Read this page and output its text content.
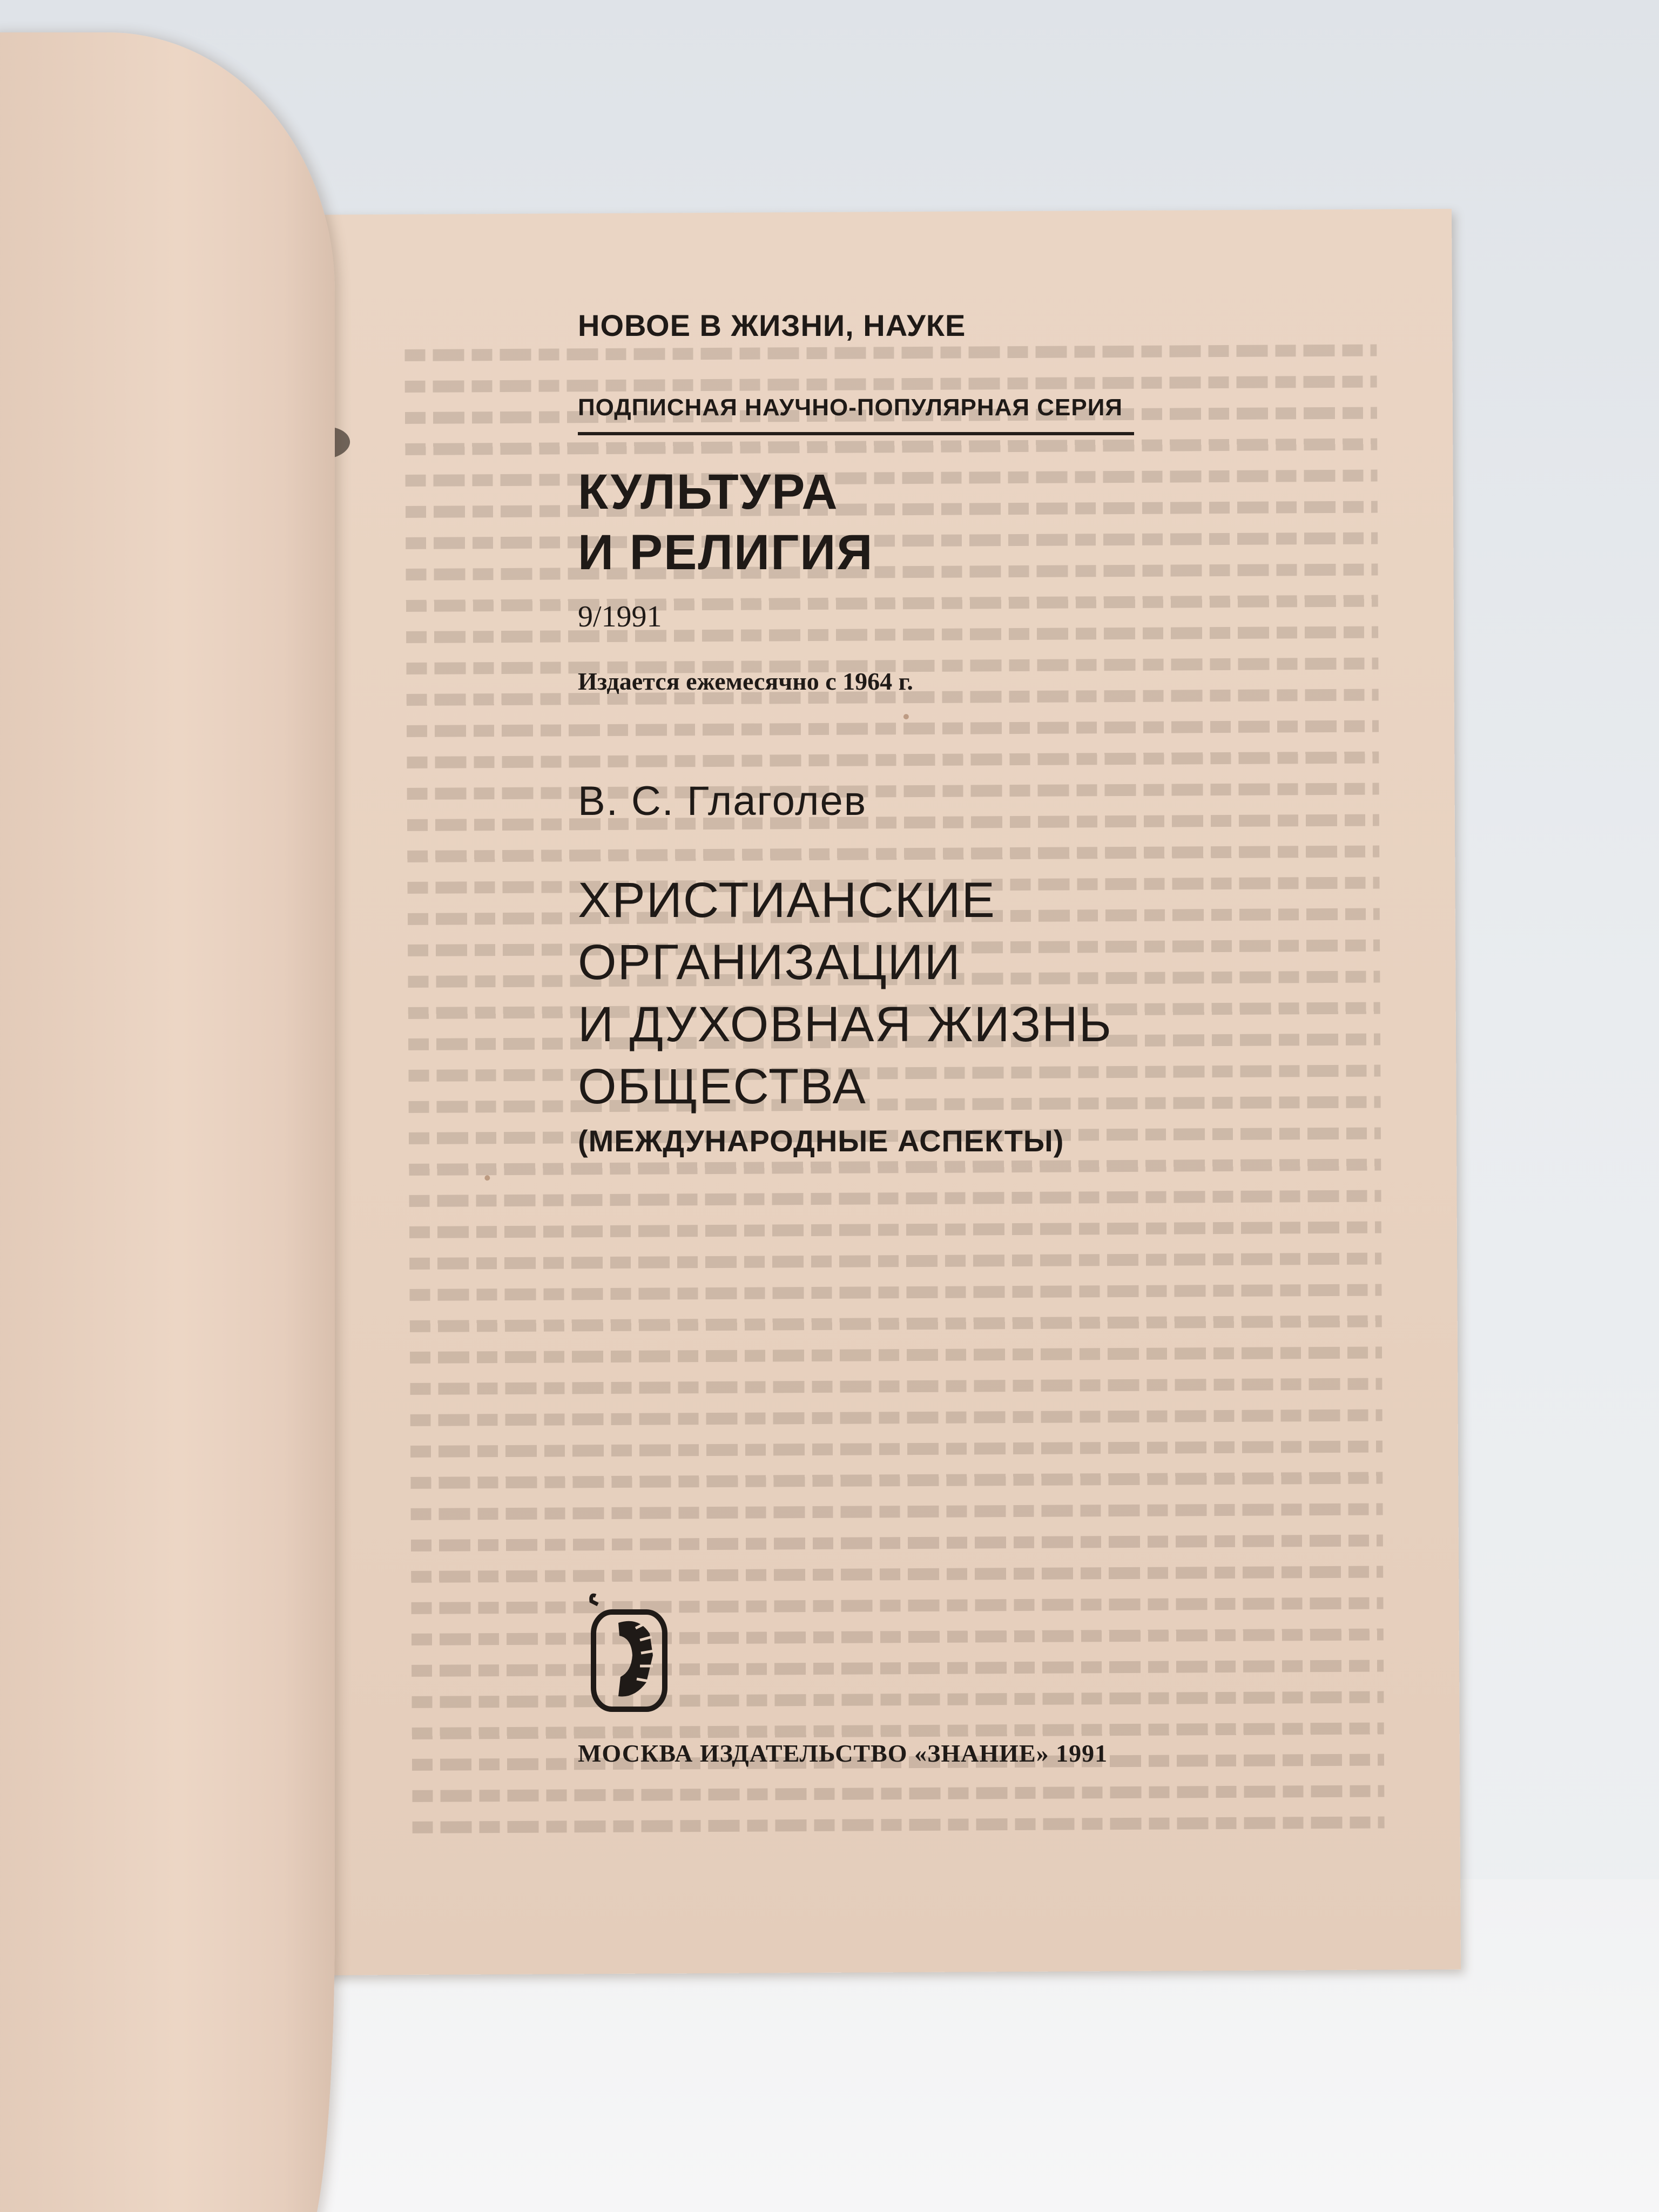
НОВОЕ В ЖИЗНИ, НАУКЕ

ПОДПИСНАЯ НАУЧНО-ПОПУЛЯРНАЯ СЕРИЯ

КУЛЬТУРА
И РЕЛИГИЯ

9/1991

Издается ежемесячно с 1964 г.

В. С. Глаголев

ХРИСТИАНСКИЕ
ОРГАНИЗАЦИИ
И ДУХОВНАЯ ЖИЗНЬ
ОБЩЕСТВА

(МЕЖДУНАРОДНЫЕ АСПЕКТЫ)

МОСКВА ИЗДАТЕЛЬСТВО «ЗНАНИЕ» 1991
